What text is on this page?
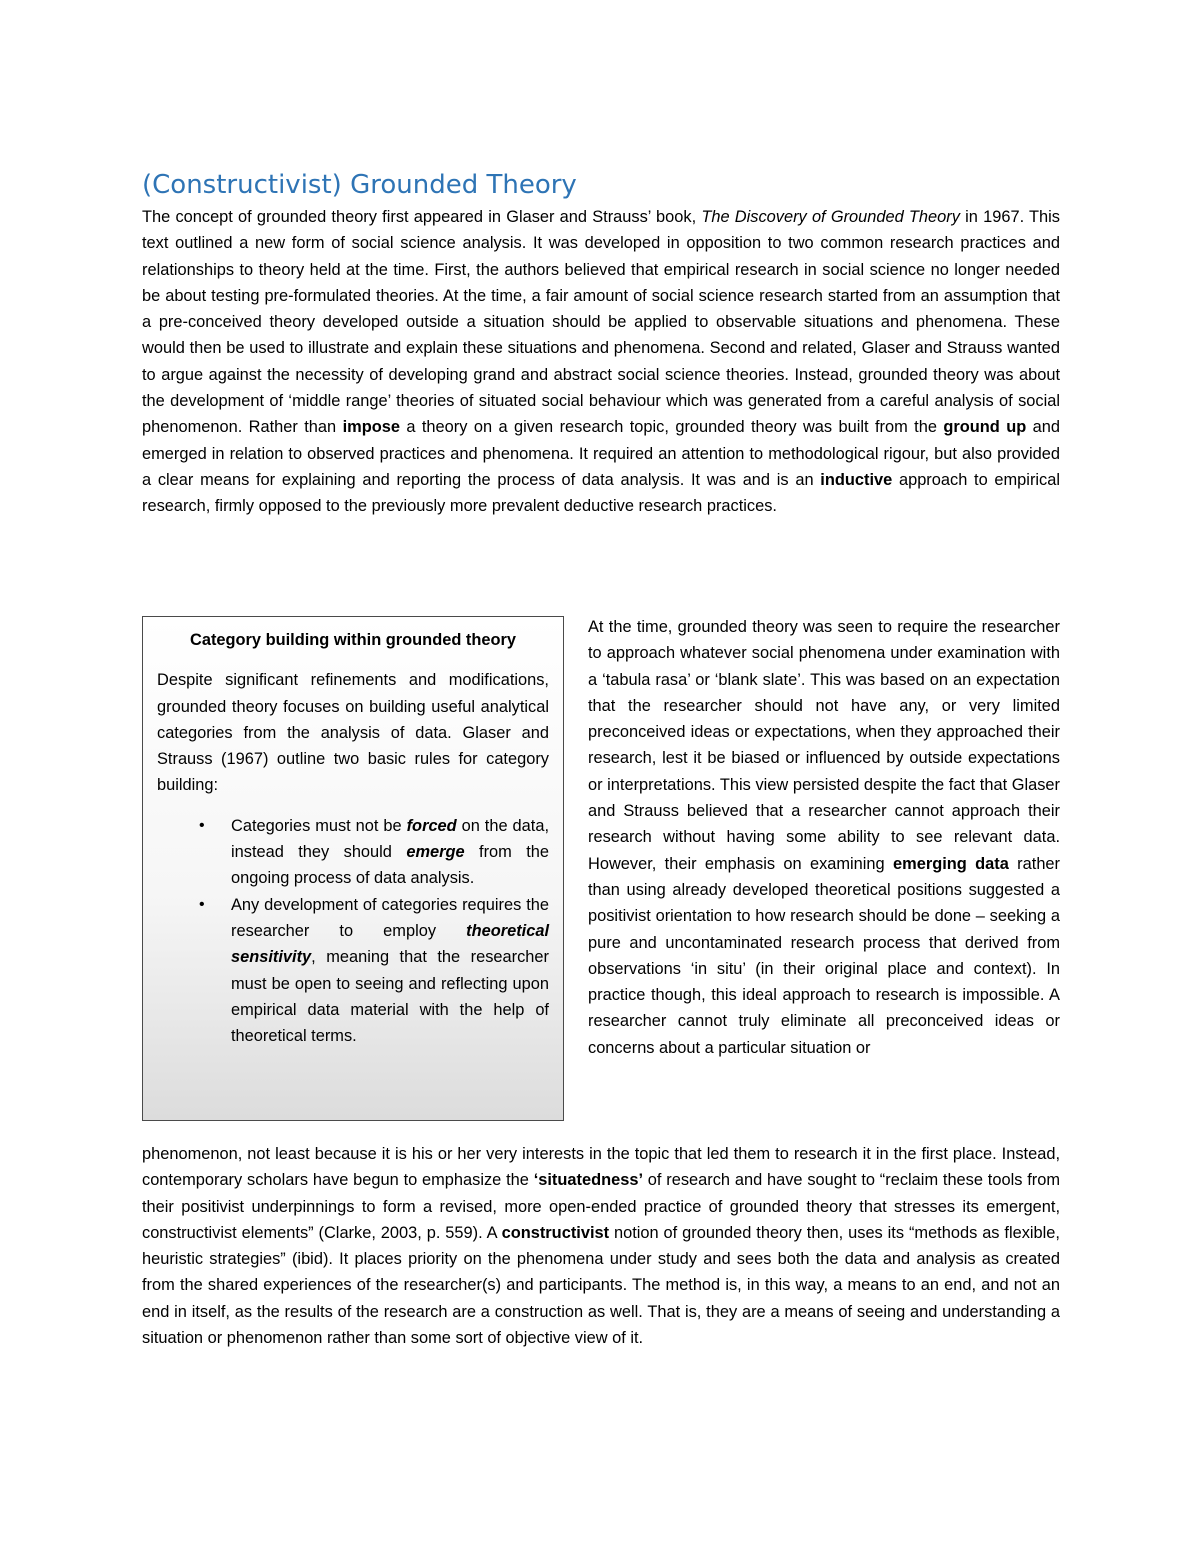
(Constructivist) Grounded Theory

The concept of grounded theory first appeared in Glaser and Strauss’ book, The Discovery of Grounded Theory in 1967. This text outlined a new form of social science analysis. It was developed in opposition to two common research practices and relationships to theory held at the time. First, the authors believed that empirical research in social science no longer needed be about testing pre-formulated theories. At the time, a fair amount of social science research started from an assumption that a pre-conceived theory developed outside a situation should be applied to observable situations and phenomena. These would then be used to illustrate and explain these situations and phenomena. Second and related, Glaser and Strauss wanted to argue against the necessity of developing grand and abstract social science theories. Instead, grounded theory was about the development of ‘middle range’ theories of situated social behaviour which was generated from a careful analysis of social phenomenon. Rather than impose a theory on a given research topic, grounded theory was built from the ground up and emerged in relation to observed practices and phenomena. It required an attention to methodological rigour, but also provided a clear means for explaining and reporting the process of data analysis. It was and is an inductive approach to empirical research, firmly opposed to the previously more prevalent deductive research practices.

Category building within grounded theory

Despite significant refinements and modifications, grounded theory focuses on building useful analytical categories from the analysis of data. Glaser and Strauss (1967) outline two basic rules for category building:

• Categories must not be forced on the data, instead they should emerge from the ongoing process of data analysis.
• Any development of categories requires the researcher to employ theoretical sensitivity, meaning that the researcher must be open to seeing and reflecting upon empirical data material with the help of theoretical terms.

At the time, grounded theory was seen to require the researcher to approach whatever social phenomena under examination with a ‘tabula rasa’ or ‘blank slate’. This was based on an expectation that the researcher should not have any, or very limited preconceived ideas or expectations, when they approached their research, lest it be biased or influenced by outside expectations or interpretations. This view persisted despite the fact that Glaser and Strauss believed that a researcher cannot approach their research without having some ability to see relevant data. However, their emphasis on examining emerging data rather than using already developed theoretical positions suggested a positivist orientation to how research should be done – seeking a pure and uncontaminated research process that derived from observations ‘in situ’ (in their original place and context). In practice though, this ideal approach to research is impossible. A researcher cannot truly eliminate all preconceived ideas or concerns about a particular situation or

phenomenon, not least because it is his or her very interests in the topic that led them to research it in the first place. Instead, contemporary scholars have begun to emphasize the ‘situatedness’ of research and have sought to “reclaim these tools from their positivist underpinnings to form a revised, more open-ended practice of grounded theory that stresses its emergent, constructivist elements” (Clarke, 2003, p. 559). A constructivist notion of grounded theory then, uses its “methods as flexible, heuristic strategies” (ibid). It places priority on the phenomena under study and sees both the data and analysis as created from the shared experiences of the researcher(s) and participants. The method is, in this way, a means to an end, and not an end in itself, as the results of the research are a construction as well. That is, they are a means of seeing and understanding a situation or phenomenon rather than some sort of objective view of it.
